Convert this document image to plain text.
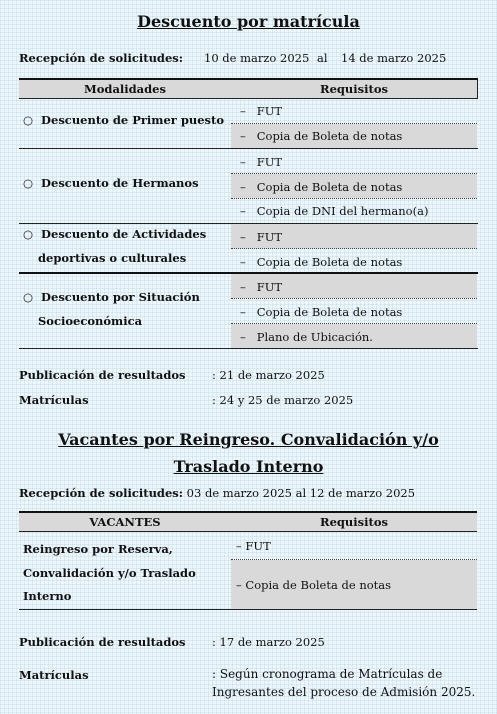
Descuento por matrícula
Recepción de solicitudes: 10 de marzo 2025 al 14 de marzo 2025
Modalidades	Requisitos
○  Descuento de Primer puesto
–   FUT
–   Copia de Boleta de notas
○  Descuento de Hermanos
–   FUT
–   Copia de Boleta de notas
–   Copia de DNI del hermano(a)
○  Descuento de Actividades
deportivas o culturales
–   FUT
–   Copia de Boleta de notas
○  Descuento por Situación
Socioeconómica
–   FUT
–   Copia de Boleta de notas
–   Plano de Ubicación.
Publicación de resultados : 21 de marzo 2025
Matrículas	: 24 y 25 de marzo 2025
Vacantes por Reingreso. Convalidación y/o
Traslado Interno
Recepción de solicitudes: 03 de marzo 2025 al 12 de marzo 2025
VACANTES	Requisitos
Reingreso por Reserva,
Convalidación y/o Traslado
Interno
– FUT
– Copia de Boleta de notas
Publicación de resultados : 17 de marzo 2025
Matrículas	: Según cronograma de Matrículas de
Ingresantes del proceso de Admisión 2025.
